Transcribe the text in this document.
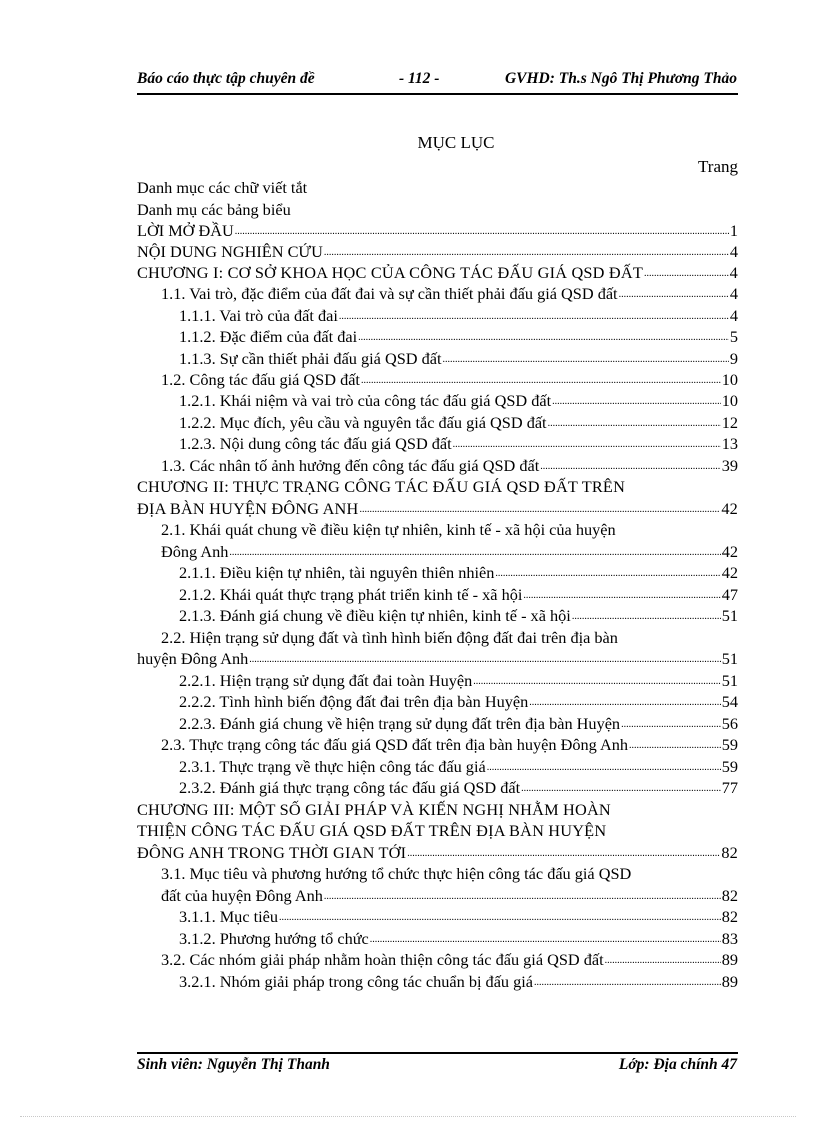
Báo cáo thực tập chuyên đề	- 112 -	GVHD: Th.s Ngô Thị Phương Thảo
MỤC LỤC
Trang
Danh mục các chữ viết tắt
Danh mụ các bảng biểu
LỜI MỞ ĐẦU .....	1
NỘI DUNG NGHIÊN CỨU .....	4
CHƯƠNG I: CƠ SỞ KHOA HỌC CỦA CÔNG TÁC ĐẤU GIÁ QSD ĐẤT .....	4
1.1. Vai trò, đặc điểm của đất đai và sự cần thiết phải đấu giá QSD đất .....	4
1.1.1. Vai trò của đất đai .....	4
1.1.2. Đặc điểm của đất đai .....	5
1.1.3. Sự cần thiết phải đấu giá QSD đất .....	9
1.2. Công tác đấu giá QSD đất .....	10
1.2.1. Khái niệm và vai trò của công tác đấu giá QSD đất .....	10
1.2.2. Mục đích, yêu cầu và nguyên tắc đấu giá QSD đất .....	12
1.2.3. Nội dung công tác đấu giá QSD đất .....	13
1.3. Các nhân tố ảnh hưởng đến công tác đấu giá QSD đất .....	39
CHƯƠNG II: THỰC TRẠNG CÔNG TÁC ĐẤU GIÁ QSD ĐẤT TRÊN
ĐỊA BÀN HUYỆN ĐÔNG ANH .....	42
2.1. Khái quát chung về điều kiện tự nhiên, kinh tế - xã hội của huyện
Đông Anh .....	42
2.1.1. Điều kiện tự nhiên, tài nguyên thiên nhiên .....	42
2.1.2. Khái quát thực trạng phát triển kinh tế - xã hội .....	47
2.1.3. Đánh giá chung về điều kiện tự nhiên, kinh tế - xã hội .....	51
2.2. Hiện trạng sử dụng đất và tình hình biến động đất đai trên địa bàn
huyện Đông Anh .....	51
2.2.1. Hiện trạng sử dụng đất đai toàn Huyện .....	51
2.2.2. Tình hình biến động đất đai trên địa bàn Huyện .....	54
2.2.3. Đánh giá chung về hiện trạng sử dụng đất trên địa bàn Huyện .....	56
2.3. Thực trạng công tác đấu giá QSD đất trên địa bàn huyện Đông Anh .....	59
2.3.1. Thực trạng về thực hiện công tác đấu giá .....	59
2.3.2. Đánh giá thực trạng công tác đấu giá QSD đất .....	77
CHƯƠNG III: MỘT SỐ GIẢI PHÁP VÀ KIẾN NGHỊ NHẰM HOÀN
THIỆN CÔNG TÁC ĐẤU GIÁ QSD ĐẤT TRÊN ĐỊA BÀN HUYỆN
ĐÔNG ANH TRONG THỜI GIAN TỚI .....	82
3.1. Mục tiêu và phương hướng tổ chức thực hiện công tác đấu giá QSD
đất của huyện Đông Anh .....	82
3.1.1. Mục tiêu .....	82
3.1.2. Phương hướng tổ chức .....	83
3.2. Các nhóm giải pháp nhằm hoàn thiện công tác đấu giá QSD đất .....	89
3.2.1. Nhóm giải pháp trong công tác chuẩn bị đấu giá .....	89
Sinh viên: Nguyễn Thị Thanh	Lớp: Địa chính 47
